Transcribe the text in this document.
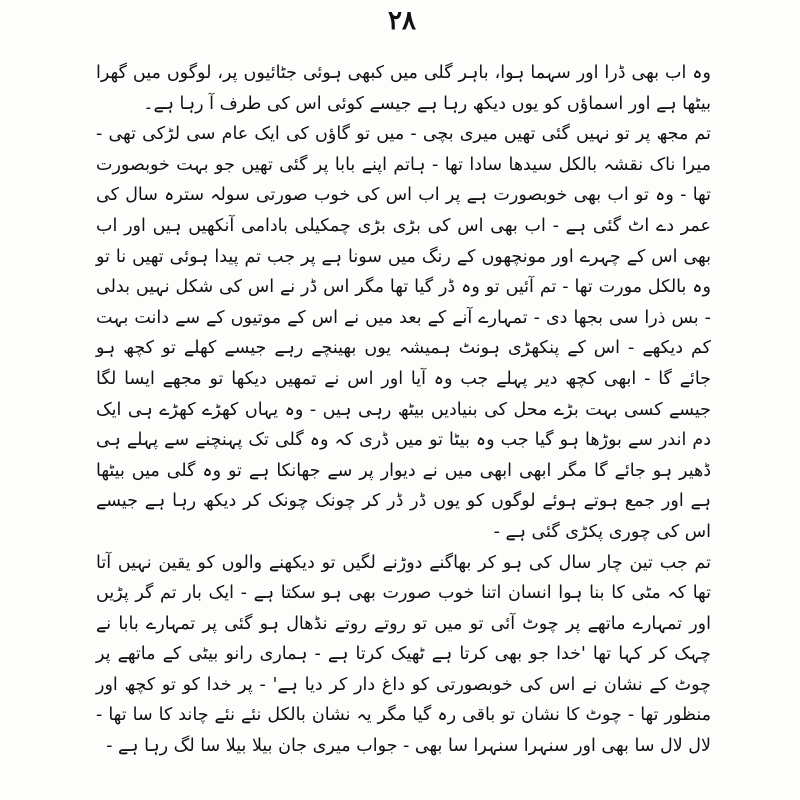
۲۸

وہ اب بھی ڈرا اور سہما ہوا، باہر گلی میں کبھی ہوئی جٹائیوں پر، لوگوں میں گھرا بیٹھا ہے اور اسماؤں کو یوں دیکھ رہا ہے جیسے کوئی اس کی طرف آ رہا ہے۔

تم مجھ پر تو نہیں گئی تھیں میری بچی - میں تو گاؤں کی ایک عام سی لڑکی تھی - میرا ناک نقشہ بالکل سیدھا سادا تھا - ہاتم اپنے بابا پر گئی تھیں جو بہت خوبصورت تھا - وہ تو اب بھی خوبصورت ہے پر اب اس کی خوب صورتی سولہ سترہ سال کی عمر دے اٹ گئی ہے - اب بھی اس کی بڑی بڑی چمکیلی بادامی آنکھیں ہیں اور اب بھی اس کے چہرے اور مونچھوں کے رنگ میں سونا ہے پر جب تم پیدا ہوئی تھیں نا تو وہ بالکل مورت تھا - تم آئیں تو وہ ڈر گیا تھا مگر اس ڈر نے اس کی شکل نہیں بدلی - بس ذرا سی بجھا دی - تمہارے آنے کے بعد میں نے اس کے موتیوں کے سے دانت بہت کم دیکھے - اس کے پنکھڑی ہونٹ ہمیشہ یوں بھینچے رہے جیسے کھلے تو کچھ ہو جائے گا - ابھی کچھ دیر پہلے جب وہ آیا اور اس نے تمھیں دیکھا تو مجھے ایسا لگا جیسے کسی بہت بڑے محل کی بنیادیں بیٹھ رہی ہیں - وہ یہاں کھڑے کھڑے ہی ایک دم اندر سے بوڑھا ہو گیا جب وہ بیٹا تو میں ڈری کہ وہ گلی تک پہنچنے سے پہلے ہی ڈھیر ہو جائے گا مگر ابھی ابھی میں نے دیوار پر سے جھانکا ہے تو وہ گلی میں بیٹھا ہے اور جمع ہوتے ہوئے لوگوں کو یوں ڈر ڈر کر چونک چونک کر دیکھ رہا ہے جیسے اس کی چوری پکڑی گئی ہے -

تم جب تین چار سال کی ہو کر بھاگنے دوڑنے لگیں تو دیکھنے والوں کو یقین نہیں آتا تھا کہ مٹی کا بنا ہوا انسان اتنا خوب صورت بھی ہو سکتا ہے - ایک بار تم گر پڑیں اور تمہارے ماتھے پر چوٹ آئی تو میں تو روتے روتے نڈھال ہو گئی پر تمہارے بابا نے چہک کر کہا تھا 'خدا جو بھی کرتا ہے ٹھیک کرتا ہے - ہماری رانو بیٹی کے ماتھے پر چوٹ کے نشان نے اس کی خوبصورتی کو داغ دار کر دیا ہے' - پر خدا کو تو کچھ اور منظور تھا - چوٹ کا نشان تو باقی رہ گیا مگر یہ نشان بالکل نئے نئے چاند کا سا تھا - لال لال سا بھی اور سنہرا سنہرا سا بھی - جواب میری جان بیلا بیلا سا لگ رہا ہے -
